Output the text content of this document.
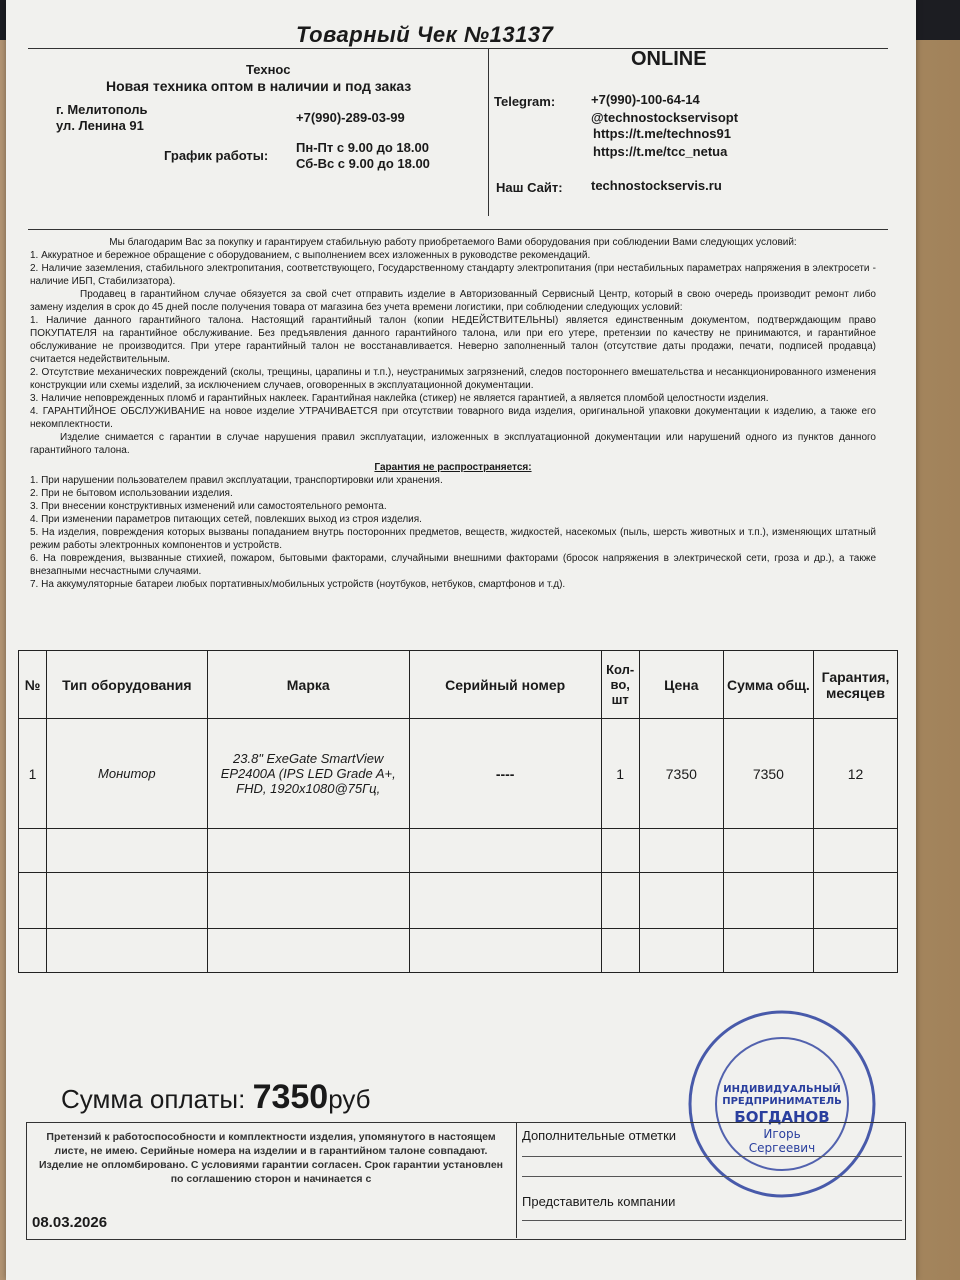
Товарный Чек №13137
Технос
Новая техника оптом в наличии и под заказ
г. Мелитополь
ул. Ленина 91
+7(990)-289-03-99
График работы:
Пн-Пт с 9.00 до 18.00
Сб-Вс с 9.00 до 18.00
ONLINE
Telegram:	+7(990)-100-64-14
@technostockservisopt
https://t.me/technos91
https://t.me/tcc_netua
Наш Сайт: technostockservis.ru

Мы благодарим Вас за покупку и гарантируем стабильную работу приобретаемого Вами оборудования при соблюдении Вами следующих условий:

1. Аккуратное и бережное обращение с оборудованием, с выполнением всех изложенных в руководстве рекомендаций.

2. Наличие заземления, стабильного электропитания, соответствующего, Государственному стандарту электропитания (при нестабильных параметрах напряжения в электросети - наличие ИБП, Стабилизатора).

Продавец в гарантийном случае обязуется за свой счет отправить изделие в Авторизованный Сервисный Центр, который в свою очередь производит ремонт либо замену изделия в срок до 45 дней после получения товара от магазина без учета времени логистики, при соблюдении следующих условий:

1. Наличие данного гарантийного талона. Настоящий гарантийный талон (копии НЕДЕЙСТВИТЕЛЬНЫ) является единственным документом, подтверждающим право ПОКУПАТЕЛЯ на гарантийное обслуживание. Без предъявления данного гарантийного талона, или при его утере, претензии по качеству не принимаются, и гарантийное обслуживание не производится. При утере гарантийный талон не восстанавливается. Неверно заполненный талон (отсутствие даты продажи, печати, подписей продавца) считается недействительным.

2. Отсутствие механических повреждений (сколы, трещины, царапины и т.п.), неустранимых загрязнений, следов постороннего вмешательства и несанкционированного изменения конструкции или схемы изделий, за исключением случаев, оговоренных в эксплуатационной документации.

3. Наличие неповрежденных пломб и гарантийных наклеек. Гарантийная наклейка (стикер) не является гарантией, а является пломбой целостности изделия.

4. ГАРАНТИЙНОЕ ОБСЛУЖИВАНИЕ на новое изделие УТРАЧИВАЕТСЯ при отсутствии товарного вида изделия, оригинальной упаковки документации к изделию, а также его некомплектности.

Изделие снимается с гарантии в случае нарушения правил эксплуатации, изложенных в эксплуатационной документации или нарушений одного из пунктов данного гарантийного талона.

Гарантия не распространяется:

1. При нарушении пользователем правил эксплуатации, транспортировки или хранения.

2. При не бытовом использовании изделия.

3. При внесении конструктивных изменений или самостоятельного ремонта.

4. При изменении параметров питающих сетей, повлекших выход из строя изделия.

5. На изделия, повреждения которых вызваны попаданием внутрь посторонних предметов, веществ, жидкостей, насекомых (пыль, шерсть животных и т.п.), изменяющих штатный режим работы электронных компонентов и устройств.

6. На повреждения, вызванные стихией, пожаром, бытовыми факторами, случайными внешними факторами (бросок напряжения в электрической сети, гроза и др.), а также внезапными несчастными случаями.

7. На аккумуляторные батареи любых портативных/мобильных устройств (ноутбуков, нетбуков, смартфонов и т.д).

№	Тип оборудования	Марка	Серийный номер	Кол-во, шт	Цена	Сумма общ.	Гарантия, месяцев
1	Монитор	23.8" ExeGate SmartView EP2400A (IPS LED Grade A+, FHD, 1920x1080@75Гц,	----	1	7350	7350	12

ИНДИВИДУАЛЬНЫЙ
ПРЕДПРИНИМАТЕЛЬ
БОГДАНОВ
Игорь
Сергеевич
Сумма оплаты: 7350руб
Претензий к работоспособности и комплектности изделия, упомянутого в настоящем листе, не имею. Серийные номера на изделии и в гарантийном талоне совпадают. Изделие не опломбировано. С условиями гарантии согласен. Срок гарантии установлен по соглашению сторон и начинается с
08.03.2026
Дополнительные отметки
Представитель компании
